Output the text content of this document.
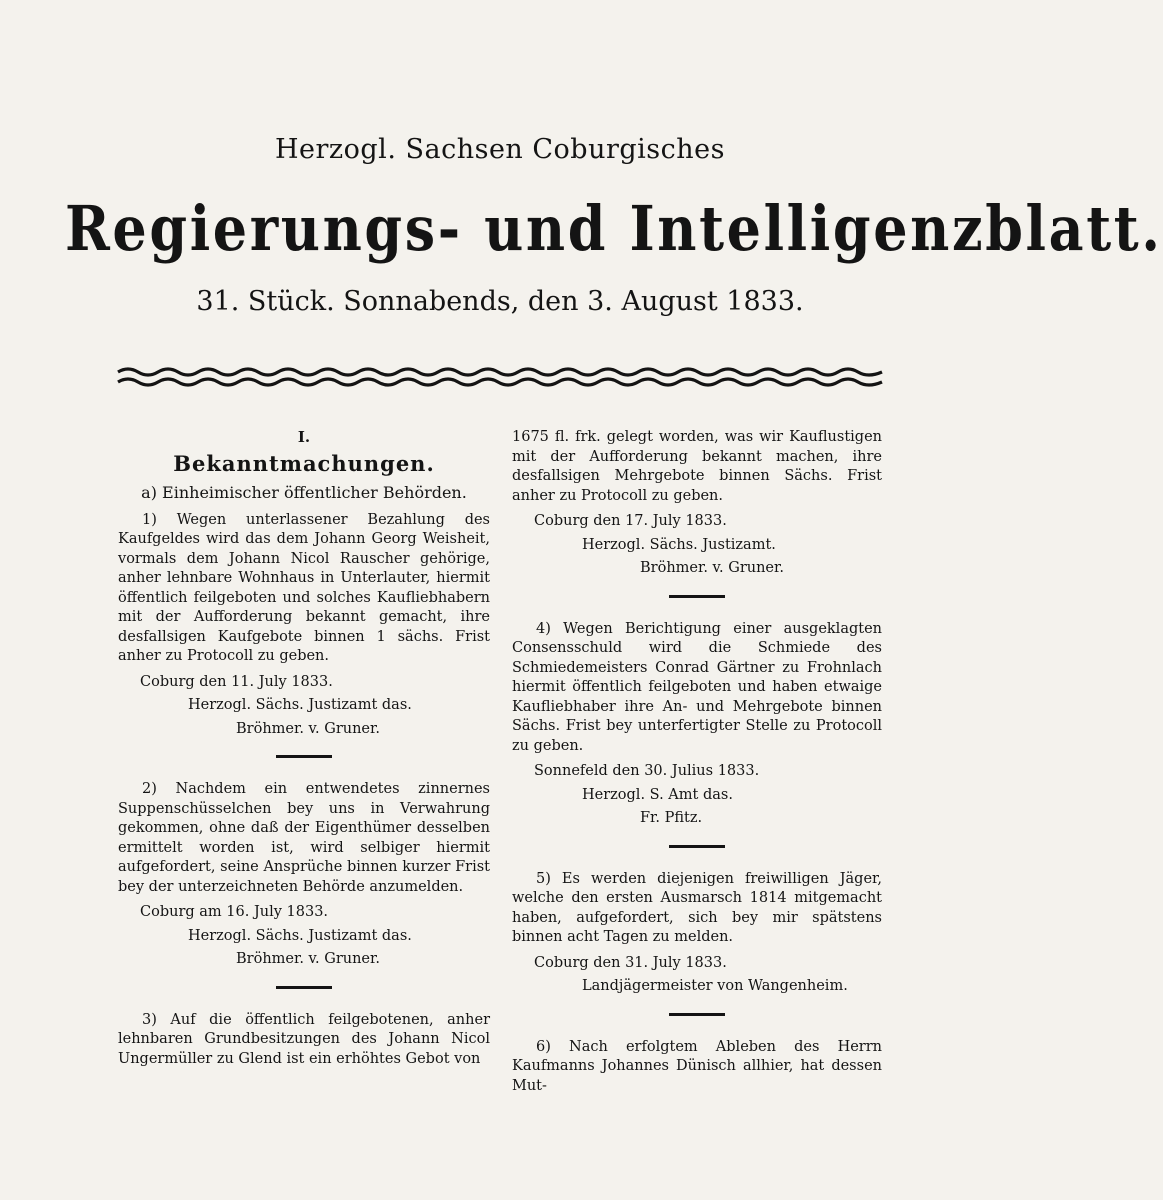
Herzogl. Sachsen Coburgisches
Regierungs- und Intelligenzblatt.
31. Stück. Sonnabends, den 3. August 1833.

I.

Bekanntmachungen.

a) Einheimischer öffentlicher Behörden.

1) Wegen unterlassener Bezahlung des Kaufgeldes wird das dem Johann Georg Weisheit, vormals dem Johann Nicol Rauscher gehörige, anher lehnbare Wohnhaus in Unterlauter, hiermit öffentlich feilgeboten und solches Kaufliebhabern mit der Aufforderung bekannt gemacht, ihre desfallsigen Kaufgebote binnen 1 sächs. Frist anher zu Protocoll zu geben.

Coburg den 11. July 1833.

Herzogl. Sächs. Justizamt das.

Bröhmer. v. Gruner.

2) Nachdem ein entwendetes zinnernes Suppenschüsselchen bey uns in Verwahrung gekommen, ohne daß der Eigenthümer desselben ermittelt worden ist, wird selbiger hiermit aufgefordert, seine Ansprüche binnen kurzer Frist bey der unterzeichneten Behörde anzumelden.

Coburg am 16. July 1833.

Herzogl. Sächs. Justizamt das.

Bröhmer. v. Gruner.

3) Auf die öffentlich feilgebotenen, anher lehnbaren Grundbesitzungen des Johann Nicol Ungermüller zu Glend ist ein erhöhtes Gebot von

1675 fl. frk. gelegt worden, was wir Kauflustigen mit der Aufforderung bekannt machen, ihre desfallsigen Mehrgebote binnen Sächs. Frist anher zu Protocoll zu geben.

Coburg den 17. July 1833.

Herzogl. Sächs. Justizamt.

Bröhmer. v. Gruner.

4) Wegen Berichtigung einer ausgeklagten Consensschuld wird die Schmiede des Schmiedemeisters Conrad Gärtner zu Frohnlach hiermit öffentlich feilgeboten und haben etwaige Kaufliebhaber ihre An- und Mehrgebote binnen Sächs. Frist bey unterfertigter Stelle zu Protocoll zu geben.

Sonnefeld den 30. Julius 1833.

Herzogl. S. Amt das.

Fr. Pfitz.

5) Es werden diejenigen freiwilligen Jäger, welche den ersten Ausmarsch 1814 mitgemacht haben, aufgefordert, sich bey mir spätstens binnen acht Tagen zu melden.

Coburg den 31. July 1833.

Landjägermeister von Wangenheim.

6) Nach erfolgtem Ableben des Herrn Kaufmanns Johannes Dünisch allhier, hat dessen Mut-
